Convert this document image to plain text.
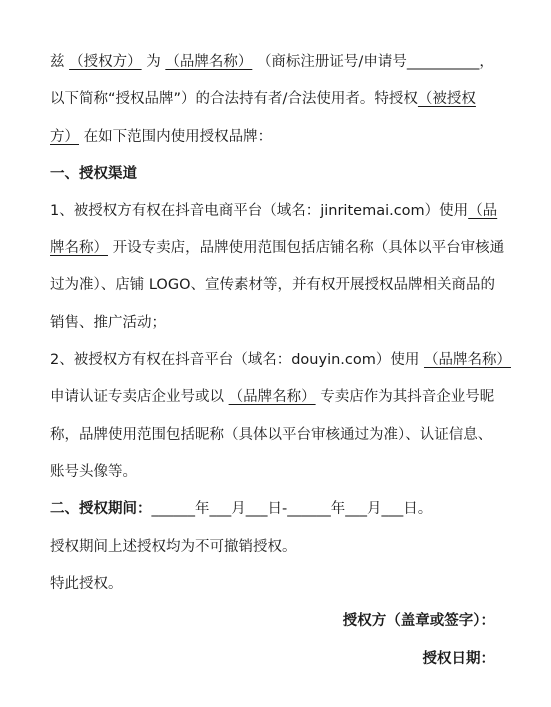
兹 （授权方） 为 （品牌名称） （商标注册证号/申请号__________，
以下简称“授权品牌”）的合法持有者/合法使用者。特授权（被授权
方） 在如下范围内使用授权品牌：
一、授权渠道
1、被授权方有权在抖音电商平台（域名：jinritemai.com）使用（品
牌名称） 开设专卖店，品牌使用范围包括店铺名称（具体以平台审核通
过为准）、店铺 LOGO、宣传素材等，并有权开展授权品牌相关商品的
销售、推广活动；
2、被授权方有权在抖音平台（域名：douyin.com）使用 （品牌名称）
申请认证专卖店企业号或以 （品牌名称） 专卖店作为其抖音企业号昵
称，品牌使用范围包括昵称（具体以平台审核通过为准）、认证信息、
账号头像等。
二、授权期间：______年___月___日-______年___月___日。
授权期间上述授权均为不可撤销授权。
特此授权。
授权方（盖章或签字）：
授权日期：
